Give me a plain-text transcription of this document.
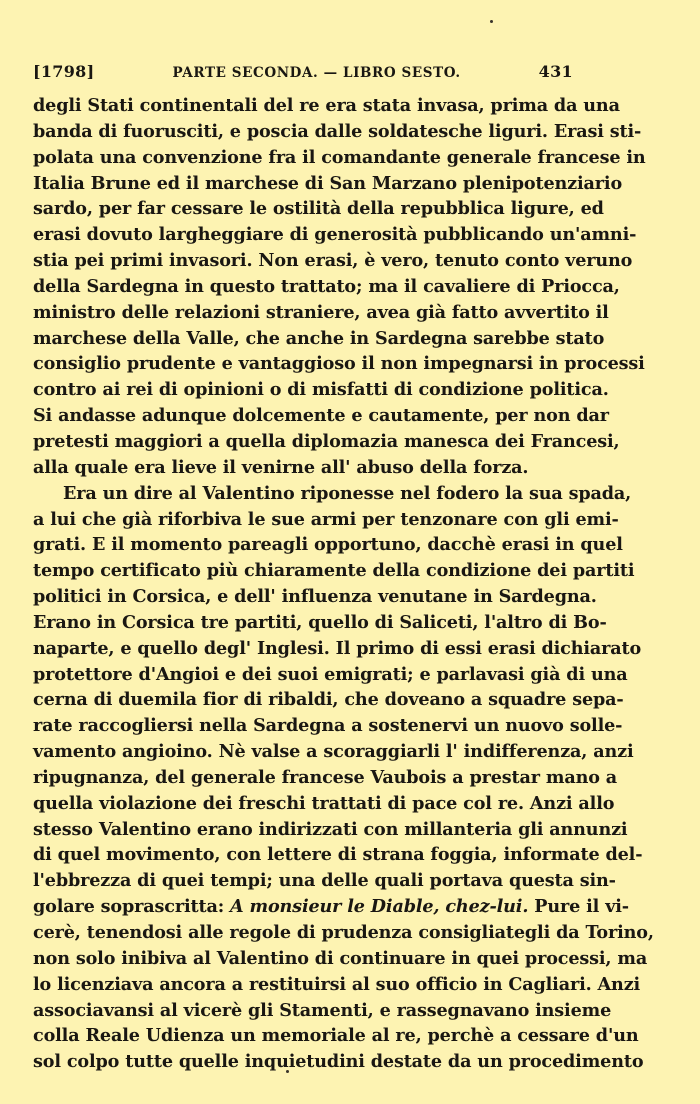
[1798]	PARTE SECONDA. — LIBRO SESTO.	431
degli Stati continentali del re era stata invasa, prima da una
banda di fuorusciti, e poscia dalle soldatesche liguri. Erasi sti-
polata una convenzione fra il comandante generale francese in
Italia Brune ed il marchese di San Marzano plenipotenziario
sardo, per far cessare le ostilità della repubblica ligure, ed
erasi dovuto largheggiare di generosità pubblicando un'amni-
stia pei primi invasori. Non erasi, è vero, tenuto conto veruno
della Sardegna in questo trattato; ma il cavaliere di Priocca,
ministro delle relazioni straniere, avea già fatto avvertito il
marchese della Valle, che anche in Sardegna sarebbe stato
consiglio prudente e vantaggioso il non impegnarsi in processi
contro ai rei di opinioni o di misfatti di condizione politica.
Si andasse adunque dolcemente e cautamente, per non dar
pretesti maggiori a quella diplomazia manesca dei Francesi,
alla quale era lieve il venirne all' abuso della forza.
Era un dire al Valentino riponesse nel fodero la sua spada,
a lui che già riforbiva le sue armi per tenzonare con gli emi-
grati. E il momento pareagli opportuno, dacchè erasi in quel
tempo certificato più chiaramente della condizione dei partiti
politici in Corsica, e dell' influenza venutane in Sardegna.
Erano in Corsica tre partiti, quello di Saliceti, l'altro di Bo-
naparte, e quello degl' Inglesi. Il primo di essi erasi dichiarato
protettore d'Angioi e dei suoi emigrati; e parlavasi già di una
cerna di duemila fior di ribaldi, che doveano a squadre sepa-
rate raccogliersi nella Sardegna a sostenervi un nuovo solle-
vamento angioino. Nè valse a scoraggiarli l' indifferenza, anzi
ripugnanza, del generale francese Vaubois a prestar mano a
quella violazione dei freschi trattati di pace col re. Anzi allo
stesso Valentino erano indirizzati con millanteria gli annunzi
di quel movimento, con lettere di strana foggia, informate del-
l'ebbrezza di quei tempi; una delle quali portava questa sin-
golare soprascritta: A monsieur le Diable, chez-lui. Pure il vi-
cerè, tenendosi alle regole di prudenza consigliategli da Torino,
non solo inibiva al Valentino di continuare in quei processi, ma
lo licenziava ancora a restituirsi al suo officio in Cagliari. Anzi
associavansi al vicerè gli Stamenti, e rassegnavano insieme
colla Reale Udienza un memoriale al re, perchè a cessare d'un
sol colpo tutte quelle inquietudini destate da un procedimento
